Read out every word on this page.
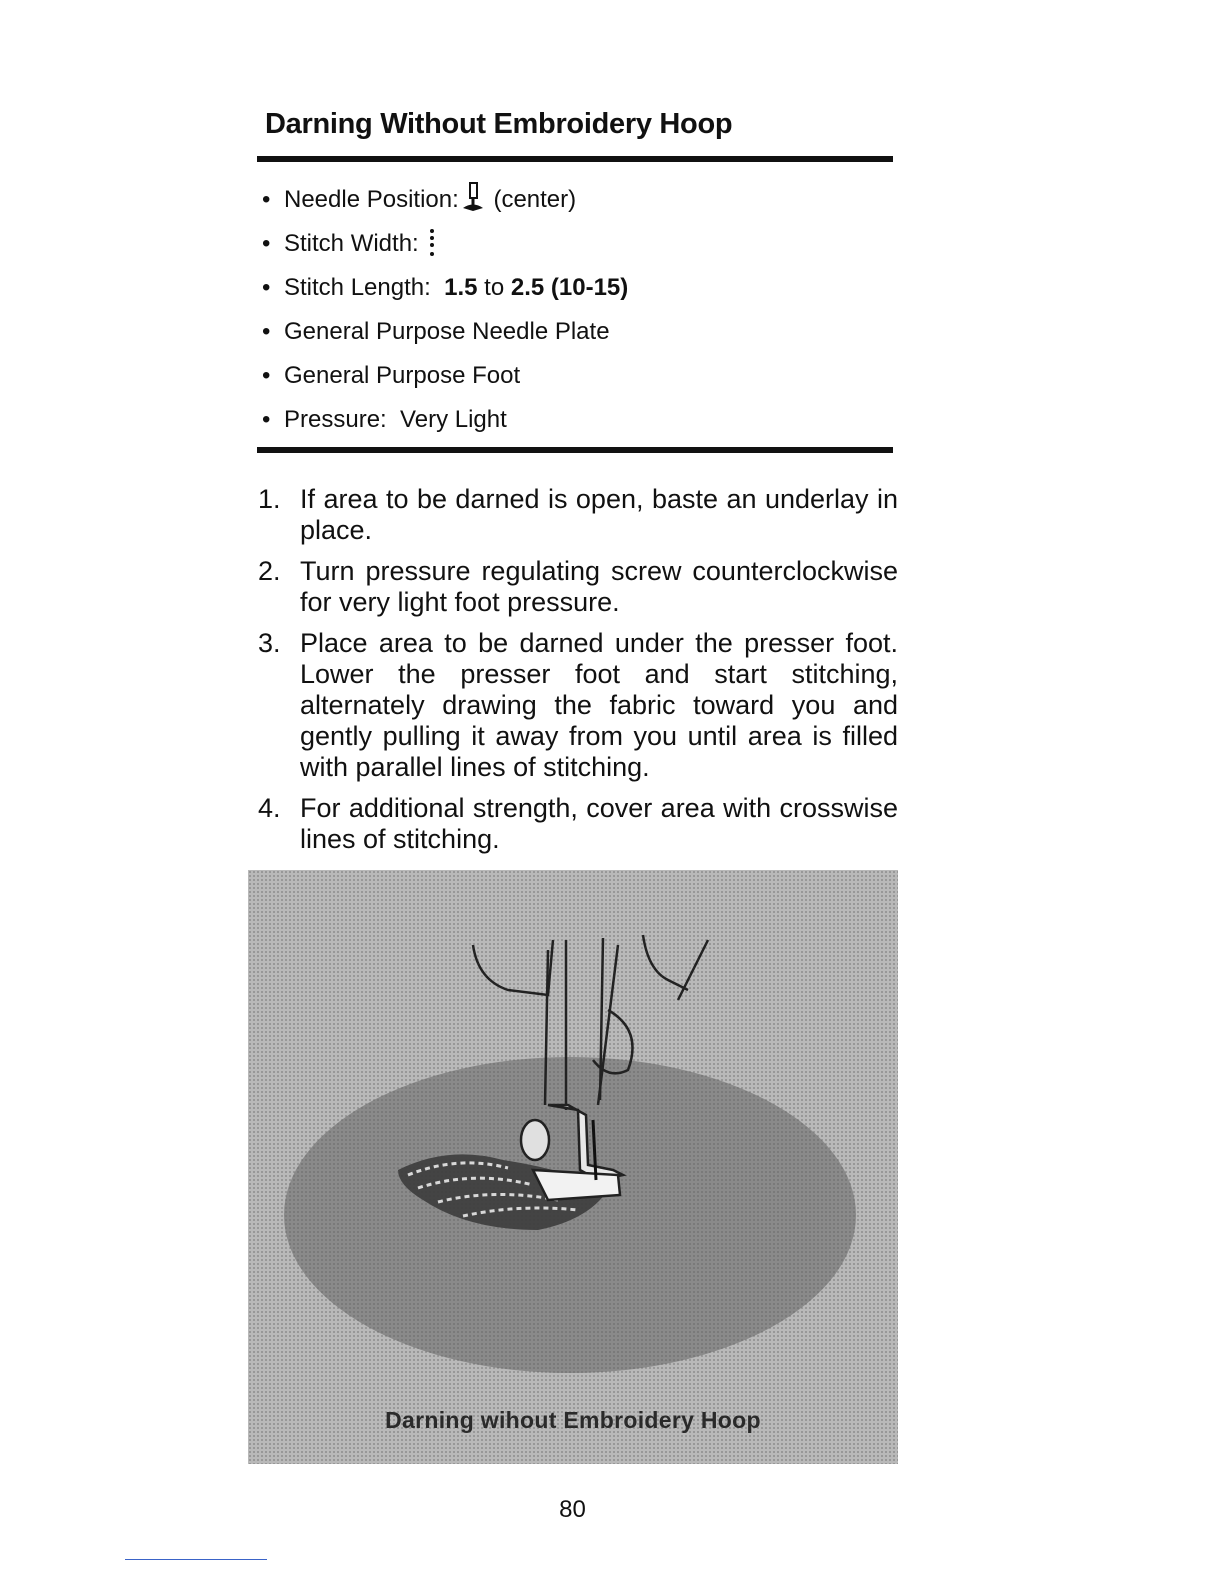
Darning Without Embroidery Hoop
• Needle Position: (center)
• Stitch Width:
• Stitch Length: 1.5 to 2.5 (10-15)
• General Purpose Needle Plate
• General Purpose Foot
• Pressure: Very Light
1. If area to be darned is open, baste an underlay in place.
2. Turn pressure regulating screw counterclockwise for very light foot pressure.
3. Place area to be darned under the presser foot. Lower the presser foot and start stitching, alternately drawing the fabric toward you and gently pulling it away from you until area is filled with parallel lines of stitching.
4. For additional strength, cover area with crosswise lines of stitching.
Darning wihout Embroidery Hoop
80
